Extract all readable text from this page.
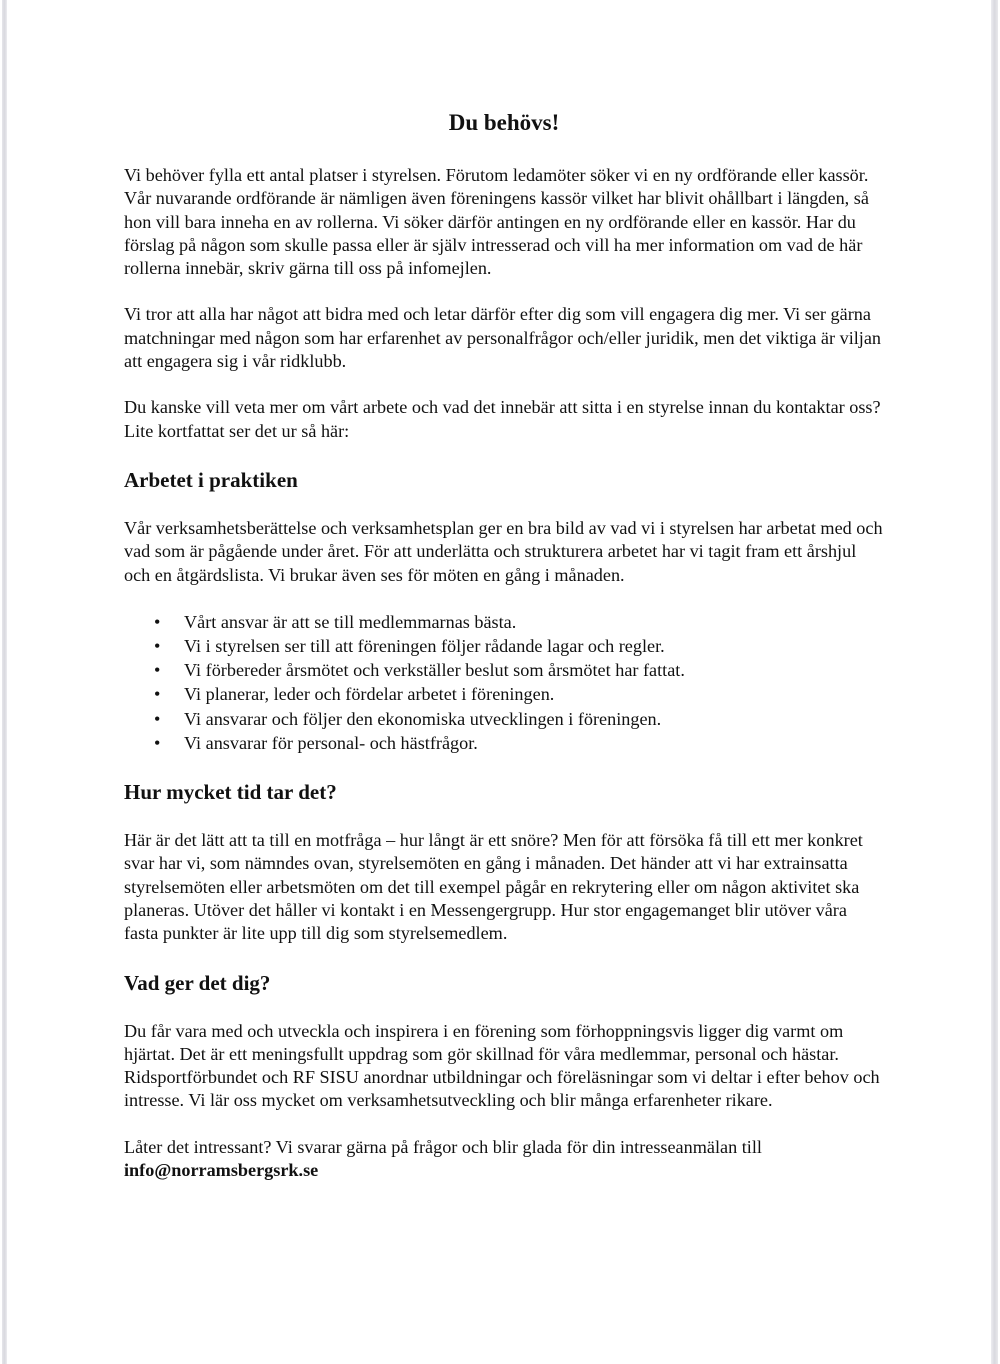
Du behövs!

Vi behöver fylla ett antal platser i styrelsen. Förutom ledamöter söker vi en ny ordförande eller kassör. Vår nuvarande ordförande är nämligen även föreningens kassör vilket har blivit ohållbart i längden, så hon vill bara inneha en av rollerna. Vi söker därför antingen en ny ordförande eller en kassör. Har du förslag på någon som skulle passa eller är själv intresserad och vill ha mer information om vad de här rollerna innebär, skriv gärna till oss på infomejlen.

Vi tror att alla har något att bidra med och letar därför efter dig som vill engagera dig mer. Vi ser gärna matchningar med någon som har erfarenhet av personalfrågor och/eller juridik, men det viktiga är viljan att engagera sig i vår ridklubb.

Du kanske vill veta mer om vårt arbete och vad det innebär att sitta i en styrelse innan du kontaktar oss? Lite kortfattat ser det ur så här:

Arbetet i praktiken

Vår verksamhetsberättelse och verksamhetsplan ger en bra bild av vad vi i styrelsen har arbetat med och vad som är pågående under året. För att underlätta och strukturera arbetet har vi tagit fram ett årshjul och en åtgärdslista. Vi brukar även ses för möten en gång i månaden.

• Vårt ansvar är att se till medlemmarnas bästa.
• Vi i styrelsen ser till att föreningen följer rådande lagar och regler.
• Vi förbereder årsmötet och verkställer beslut som årsmötet har fattat.
• Vi planerar, leder och fördelar arbetet i föreningen.
• Vi ansvarar och följer den ekonomiska utvecklingen i föreningen.
• Vi ansvarar för personal- och hästfrågor.
Hur mycket tid tar det?

Här är det lätt att ta till en motfråga – hur långt är ett snöre? Men för att försöka få till ett mer konkret svar har vi, som nämndes ovan, styrelsemöten en gång i månaden. Det händer att vi har extrainsatta styrelsemöten eller arbetsmöten om det till exempel pågår en rekrytering eller om någon aktivitet ska planeras. Utöver det håller vi kontakt i en Messengergrupp. Hur stor engagemanget blir utöver våra fasta punkter är lite upp till dig som styrelsemedlem.

Vad ger det dig?

Du får vara med och utveckla och inspirera i en förening som förhoppningsvis ligger dig varmt om hjärtat. Det är ett meningsfullt uppdrag som gör skillnad för våra medlemmar, personal och hästar. Ridsportförbundet och RF SISU anordnar utbildningar och föreläsningar som vi deltar i efter behov och intresse. Vi lär oss mycket om verksamhetsutveckling och blir många erfarenheter rikare.

Låter det intressant? Vi svarar gärna på frågor och blir glada för din intresseanmälan till
info@norramsbergsrk.se
